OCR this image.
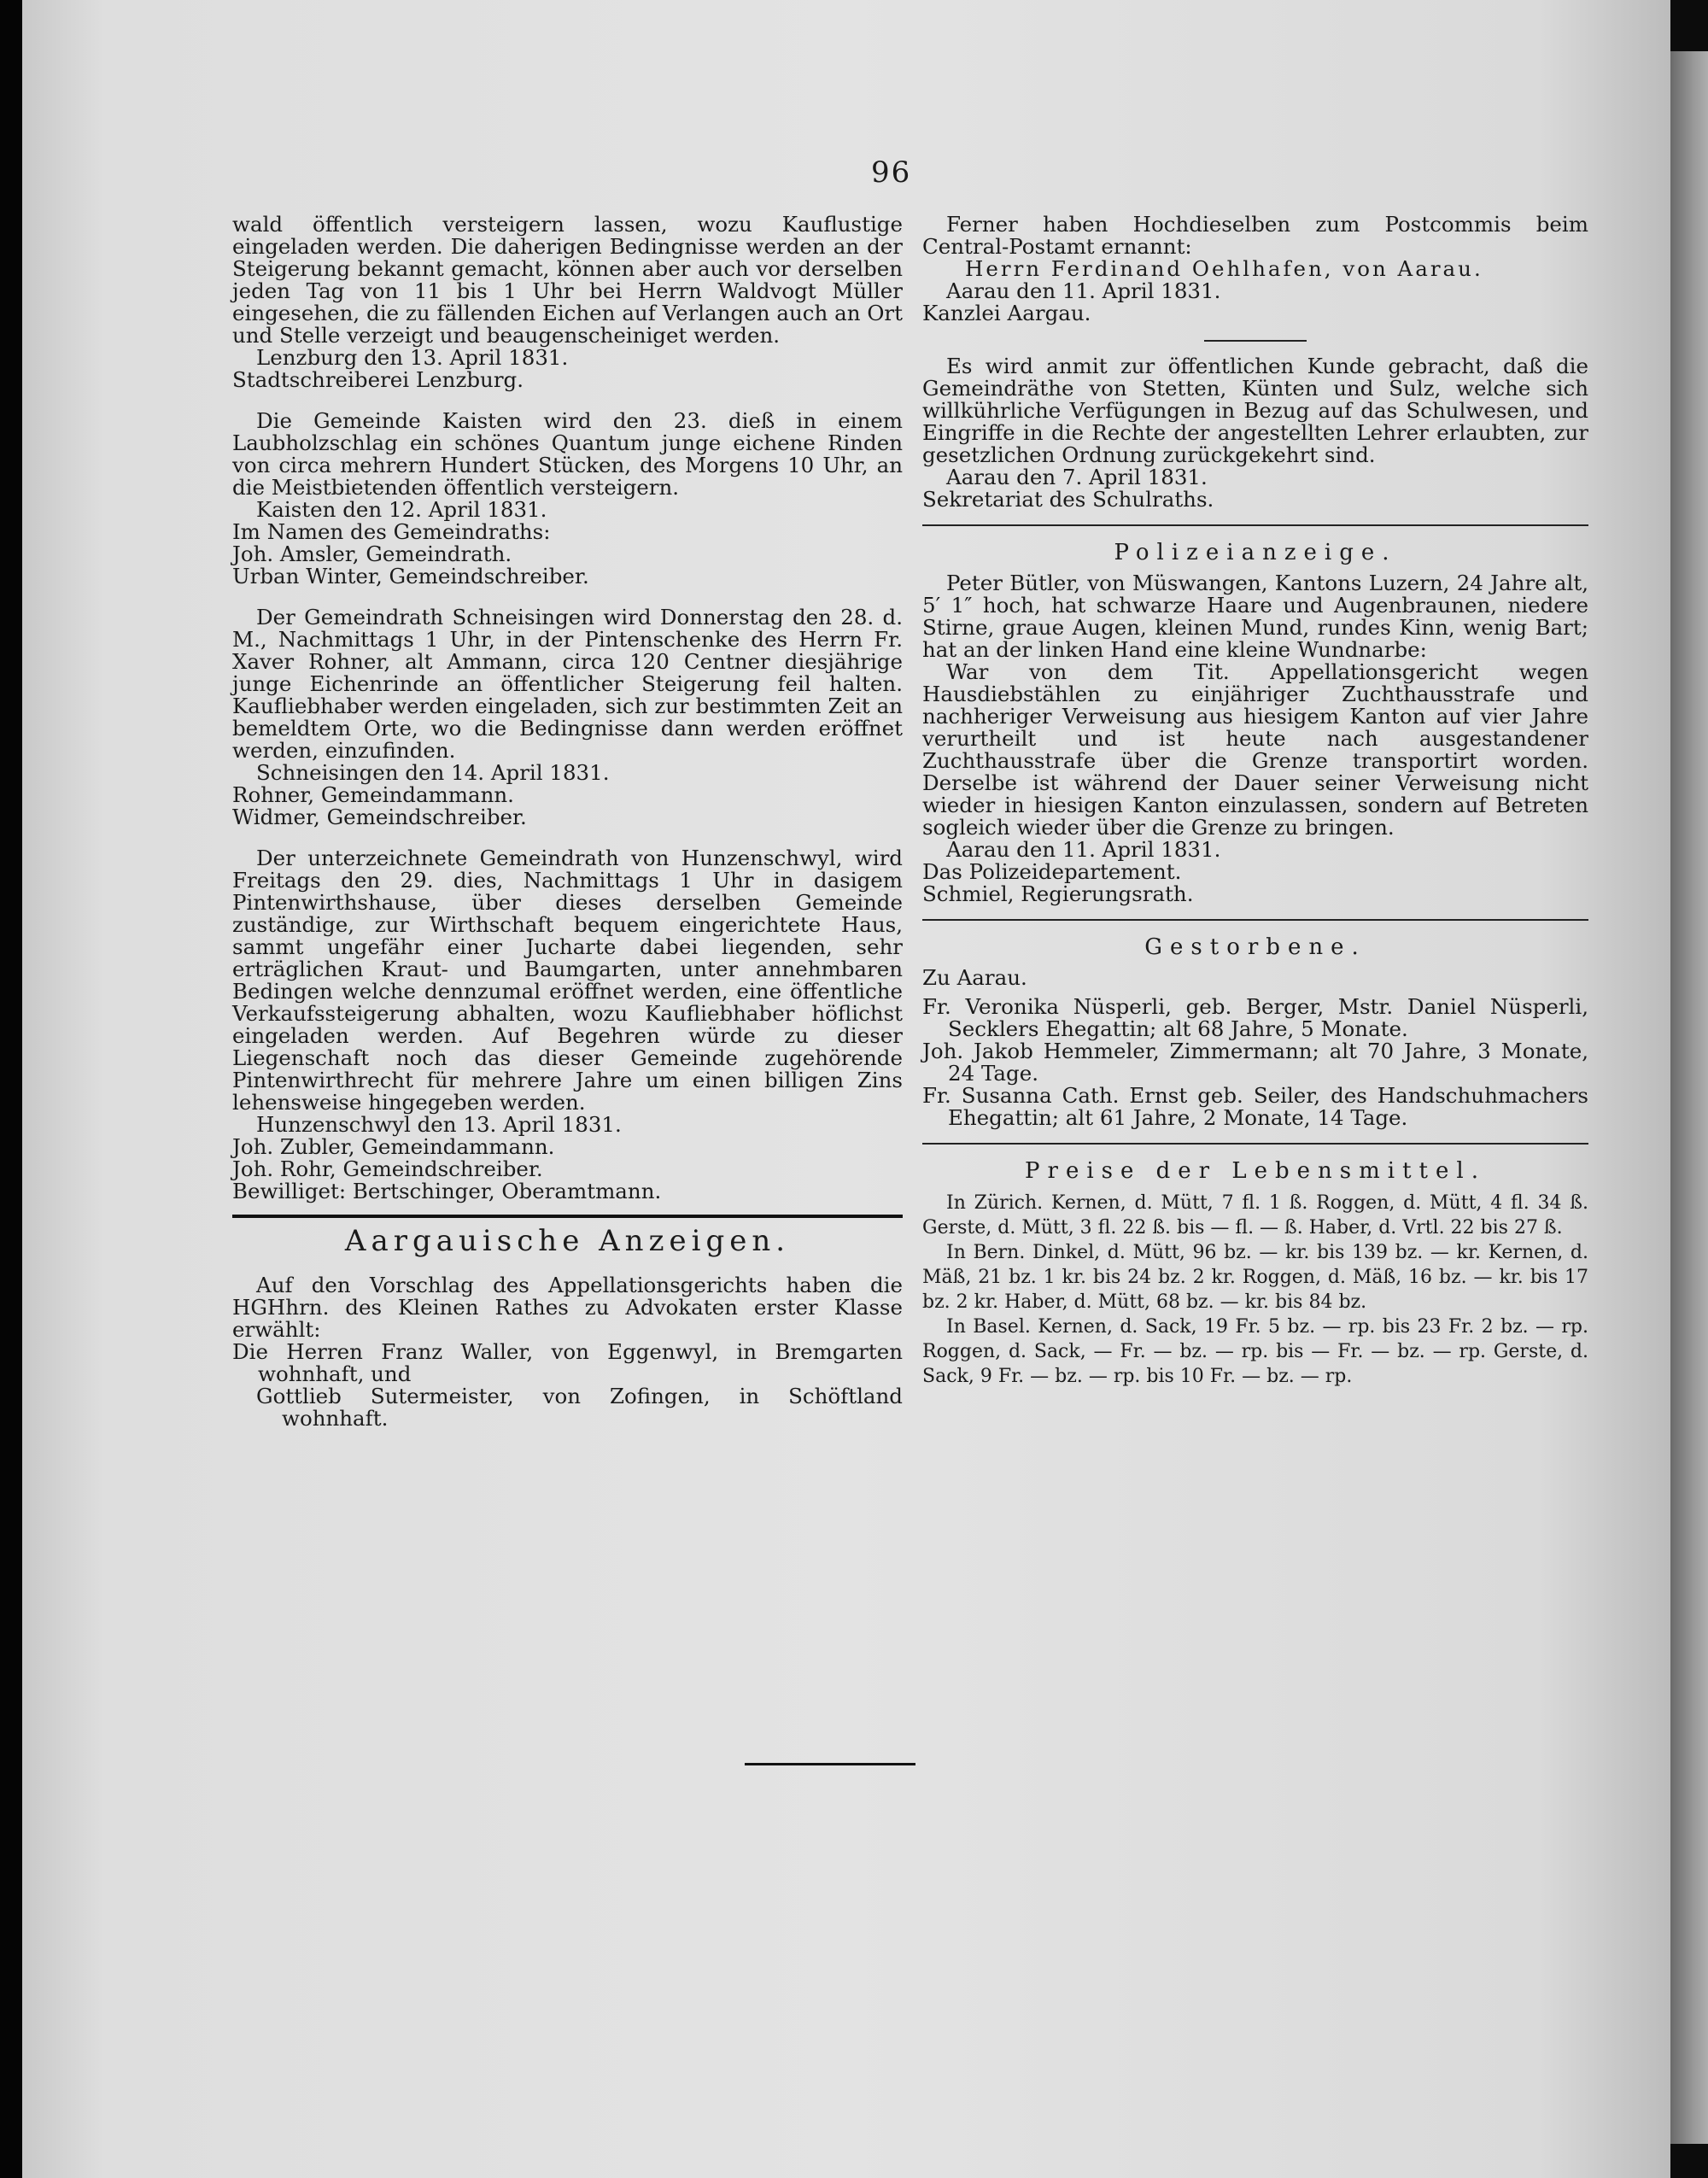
96

wald öffentlich versteigern lassen, wozu Kauflustige eingeladen werden. Die daherigen Bedingnisse werden an der Steigerung bekannt gemacht, können aber auch vor derselben jeden Tag von 11 bis 1 Uhr bei Herrn Waldvogt Müller eingesehen, die zu fällenden Eichen auf Verlangen auch an Ort und Stelle verzeigt und beaugenscheiniget werden.

Lenzburg den 13. April 1831.

Stadtschreiberei Lenzburg.

Die Gemeinde Kaisten wird den 23. dieß in einem Laubholzschlag ein schönes Quantum junge eichene Rinden von circa mehrern Hundert Stücken, des Morgens 10 Uhr, an die Meistbietenden öffentlich versteigern.

Kaisten den 12. April 1831.

Im Namen des Gemeindraths:

Joh. Amsler, Gemeindrath.

Urban Winter, Gemeindschreiber.

Der Gemeindrath Schneisingen wird Donnerstag den 28. d. M., Nachmittags 1 Uhr, in der Pintenschenke des Herrn Fr. Xaver Rohner, alt Ammann, circa 120 Centner diesjährige junge Eichenrinde an öffentlicher Steigerung feil halten. Kaufliebhaber werden eingeladen, sich zur bestimmten Zeit an bemeldtem Orte, wo die Bedingnisse dann werden eröffnet werden, einzufinden.

Schneisingen den 14. April 1831.

Rohner, Gemeindammann.

Widmer, Gemeindschreiber.

Der unterzeichnete Gemeindrath von Hunzenschwyl, wird Freitags den 29. dies, Nachmittags 1 Uhr in dasigem Pintenwirthshause, über dieses derselben Gemeinde zuständige, zur Wirthschaft bequem eingerichtete Haus, sammt ungefähr einer Jucharte dabei liegenden, sehr erträglichen Kraut- und Baumgarten, unter annehmbaren Bedingen welche dennzumal eröffnet werden, eine öffentliche Verkaufssteigerung abhalten, wozu Kaufliebhaber höflichst eingeladen werden. Auf Begehren würde zu dieser Liegenschaft noch das dieser Gemeinde zugehörende Pintenwirthrecht für mehrere Jahre um einen billigen Zins lehensweise hingegeben werden.

Hunzenschwyl den 13. April 1831.

Joh. Zubler, Gemeindammann.

Joh. Rohr, Gemeindschreiber.

Bewilliget: Bertschinger, Oberamtmann.

Aargauische Anzeigen.

Auf den Vorschlag des Appellationsgerichts haben die HGHhrn. des Kleinen Rathes zu Advokaten erster Klasse erwählt:

Die Herren Franz Waller, von Eggenwyl, in Bremgarten wohnhaft, und

Gottlieb Sutermeister, von Zofingen, in Schöftland wohnhaft.

Ferner haben Hochdieselben zum Postcommis beim Central-Postamt ernannt:

Herrn Ferdinand Oehlhafen, von Aarau.

Aarau den 11. April 1831.

Kanzlei Aargau.

Es wird anmit zur öffentlichen Kunde gebracht, daß die Gemeindräthe von Stetten, Künten und Sulz, welche sich willkührliche Verfügungen in Bezug auf das Schulwesen, und Eingriffe in die Rechte der angestellten Lehrer erlaubten, zur gesetzlichen Ordnung zurückgekehrt sind.

Aarau den 7. April 1831.

Sekretariat des Schulraths.

Polizeianzeige.

Peter Bütler, von Müswangen, Kantons Luzern, 24 Jahre alt, 5′ 1″ hoch, hat schwarze Haare und Augenbraunen, niedere Stirne, graue Augen, kleinen Mund, rundes Kinn, wenig Bart; hat an der linken Hand eine kleine Wundnarbe:

War von dem Tit. Appellationsgericht wegen Hausdiebstählen zu einjähriger Zuchthausstrafe und nachheriger Verweisung aus hiesigem Kanton auf vier Jahre verurtheilt und ist heute nach ausgestandener Zuchthausstrafe über die Grenze transportirt worden. Derselbe ist während der Dauer seiner Verweisung nicht wieder in hiesigen Kanton einzulassen, sondern auf Betreten sogleich wieder über die Grenze zu bringen.

Aarau den 11. April 1831.

Das Polizeidepartement.

Schmiel, Regierungsrath.

Gestorbene.

Zu Aarau.

Fr. Veronika Nüsperli, geb. Berger, Mstr. Daniel Nüsperli, Secklers Ehegattin; alt 68 Jahre, 5 Monate.

Joh. Jakob Hemmeler, Zimmermann; alt 70 Jahre, 3 Monate, 24 Tage.

Fr. Susanna Cath. Ernst geb. Seiler, des Handschuhmachers Ehegattin; alt 61 Jahre, 2 Monate, 14 Tage.

Preise der Lebensmittel.

In Zürich. Kernen, d. Mütt, 7 fl. 1 ß. Roggen, d. Mütt, 4 fl. 34 ß. Gerste, d. Mütt, 3 fl. 22 ß. bis — fl. — ß. Haber, d. Vrtl. 22 bis 27 ß.

In Bern. Dinkel, d. Mütt, 96 bz. — kr. bis 139 bz. — kr. Kernen, d. Mäß, 21 bz. 1 kr. bis 24 bz. 2 kr. Roggen, d. Mäß, 16 bz. — kr. bis 17 bz. 2 kr. Haber, d. Mütt, 68 bz. — kr. bis 84 bz.

In Basel. Kernen, d. Sack, 19 Fr. 5 bz. — rp. bis 23 Fr. 2 bz. — rp. Roggen, d. Sack, — Fr. — bz. — rp. bis — Fr. — bz. — rp. Gerste, d. Sack, 9 Fr. — bz. — rp. bis 10 Fr. — bz. — rp.
